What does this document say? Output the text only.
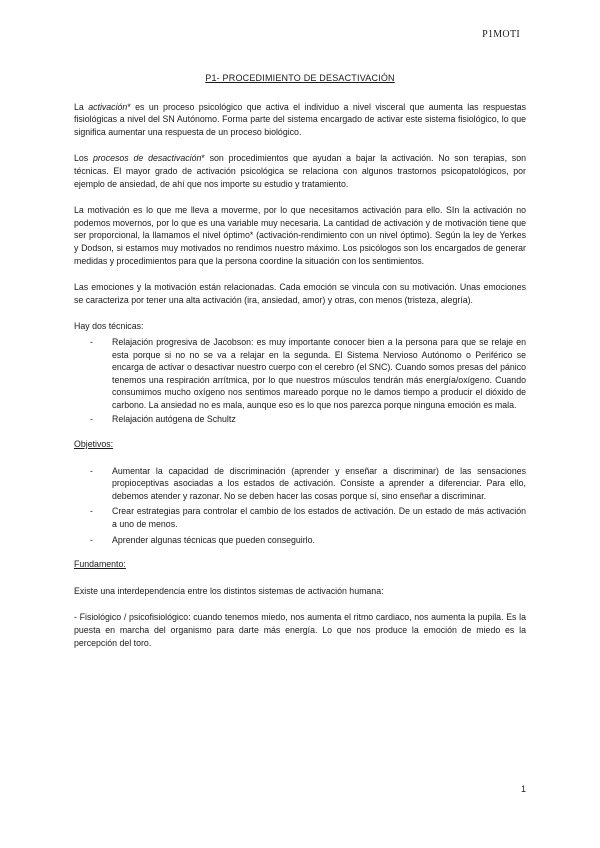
P1MOTI

P1- PROCEDIMIENTO DE DESACTIVACIÓN

La activación* es un proceso psicológico que activa el individuo a nivel visceral que aumenta las respuestas fisiológicas a nivel del SN Autónomo. Forma parte del sistema encargado de activar este sistema fisiológico, lo que significa aumentar una respuesta de un proceso biológico.

Los procesos de desactivación* son procedimientos que ayudan a bajar la activación. No son terapias, son técnicas. El mayor grado de activación psicológica se relaciona con algunos trastornos psicopatológicos, por ejemplo de ansiedad, de ahí que nos importe su estudio y tratamiento.

La motivación es lo que me lleva a moverme, por lo que necesitamos activación para ello. SIn la activación no podemos movernos, por lo que es una variable muy necesaria. La cantidad de activación y de motivación tiene que ser proporcional, la llamamos el nivel óptimo* (activación-rendimiento con un nivel óptimo). Según la ley de Yerkes y Dodson, si estamos muy motivados no rendimos nuestro máximo. Los psicólogos son los encargados de generar medidas y procedimientos para que la persona coordine la situación con los sentimientos.

Las emociones y la motivación están relacionadas. Cada emoción se vincula con su motivación. Unas emociones se caracteriza por tener una alta activación (ira, ansiedad, amor) y otras, con menos (tristeza, alegría).

Hay dos técnicas:

- Relajación progresiva de Jacobson: es muy importante conocer bien a la persona para que se relaje en esta porque si no no se va a relajar en la segunda. El Sistema Nervioso Autónomo o Periférico se encarga de activar o desactivar nuestro cuerpo con el cerebro (el SNC). Cuando somos presas del pánico tenemos una respiración arrítmica, por lo que nuestros músculos tendrán más energía/oxígeno. Cuando consumimos mucho oxígeno nos sentimos mareado porque no le damos tiempo a producir el dióxido de carbono. La ansiedad no es mala, aunque eso es lo que nos parezca porque ninguna emoción es mala.
- Relajación autógena de Schultz

Objetivos:

- Aumentar la capacidad de discriminación (aprender y enseñar a discriminar) de las sensaciones propioceptivas asociadas a los estados de activación. Consiste a aprender a diferenciar. Para ello, debemos atender y razonar. No se deben hacer las cosas porque sí, sino enseñar a discriminar.
- Crear estrategias para controlar el cambio de los estados de activación. De un estado de más activación a uno de menos.
- Aprender algunas técnicas que pueden conseguirlo.

Fundamento:

Existe una interdependencia entre los distintos sistemas de activación humana:

- Fisiológico / psicofisiológico: cuando tenemos miedo, nos aumenta el ritmo cardiaco, nos aumenta la pupila. Es la puesta en marcha del organismo para darte más energía. Lo que nos produce la emoción de miedo es la percepción del toro.

1
